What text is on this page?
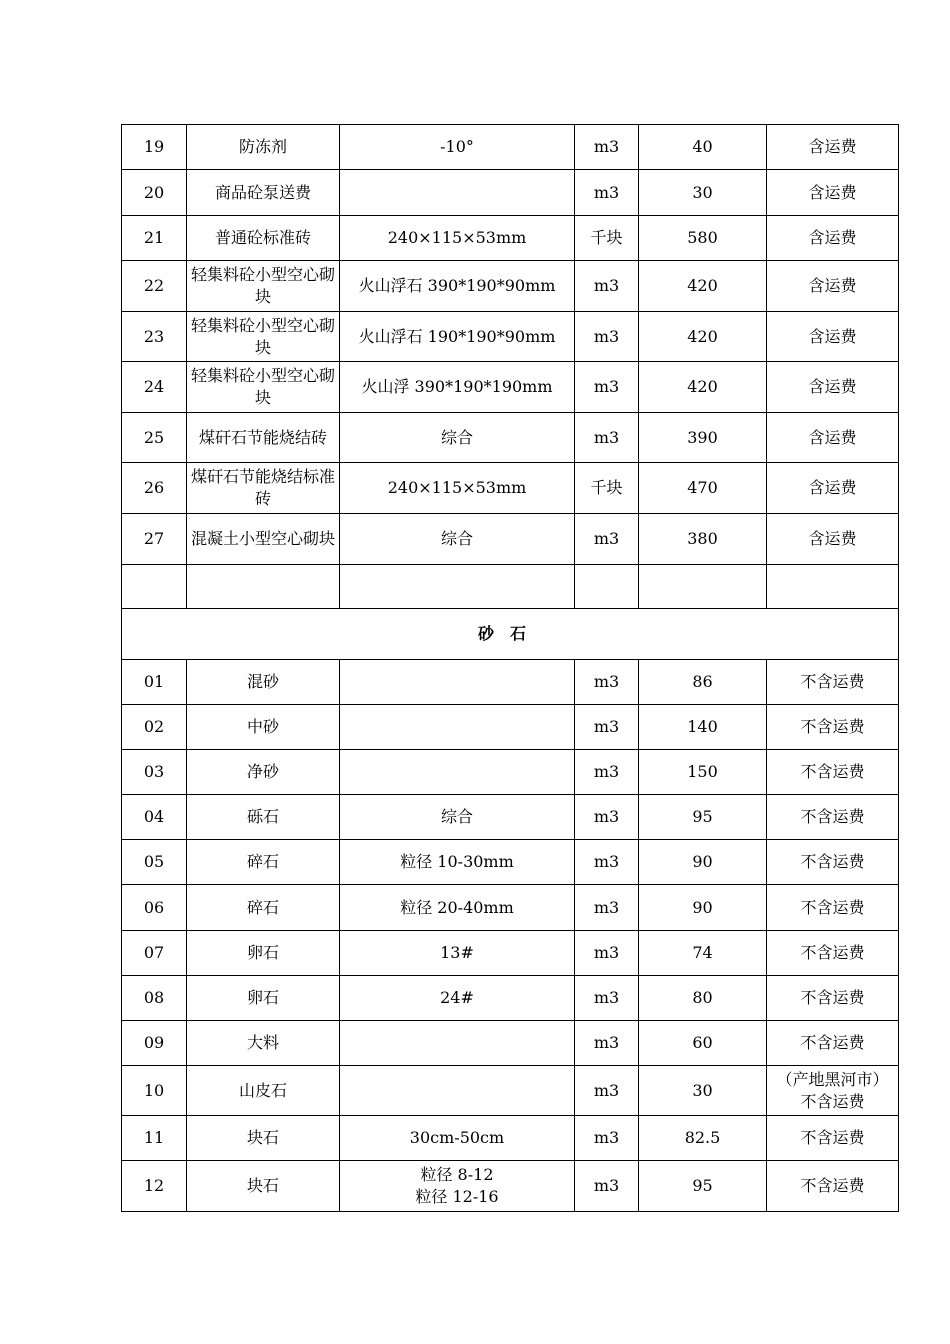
19	防冻剂	-10°	m3	40	含运费
20	商品砼泵送费		m3	30	含运费
21	普通砼标准砖	240×115×53mm	千块	580	含运费
22	轻集料砼小型空心砌块	火山浮石 390*190*90mm	m3	420	含运费
23	轻集料砼小型空心砌块	火山浮石 190*190*90mm	m3	420	含运费
24	轻集料砼小型空心砌块	火山浮 390*190*190mm	m3	420	含运费
25	煤矸石节能烧结砖	综合	m3	390	含运费
26	煤矸石节能烧结标准砖	240×115×53mm	千块	470	含运费
27	混凝土小型空心砌块	综合	m3	380	含运费

砂石					
01	混砂		m3	86	不含运费
02	中砂		m3	140	不含运费
03	净砂		m3	150	不含运费
04	砾石	综合	m3	95	不含运费
05	碎石	粒径 10-30mm	m3	90	不含运费
06	碎石	粒径 20-40mm	m3	90	不含运费
07	卵石	13#	m3	74	不含运费
08	卵石	24#	m3	80	不含运费
09	大料		m3	60	不含运费
10	山皮石		m3	30	（产地黑河市）不含运费
11	块石	30cm-50cm	m3	82.5	不含运费
12	块石	粒径 8-12
粒径 12-16	m3	95	不含运费
